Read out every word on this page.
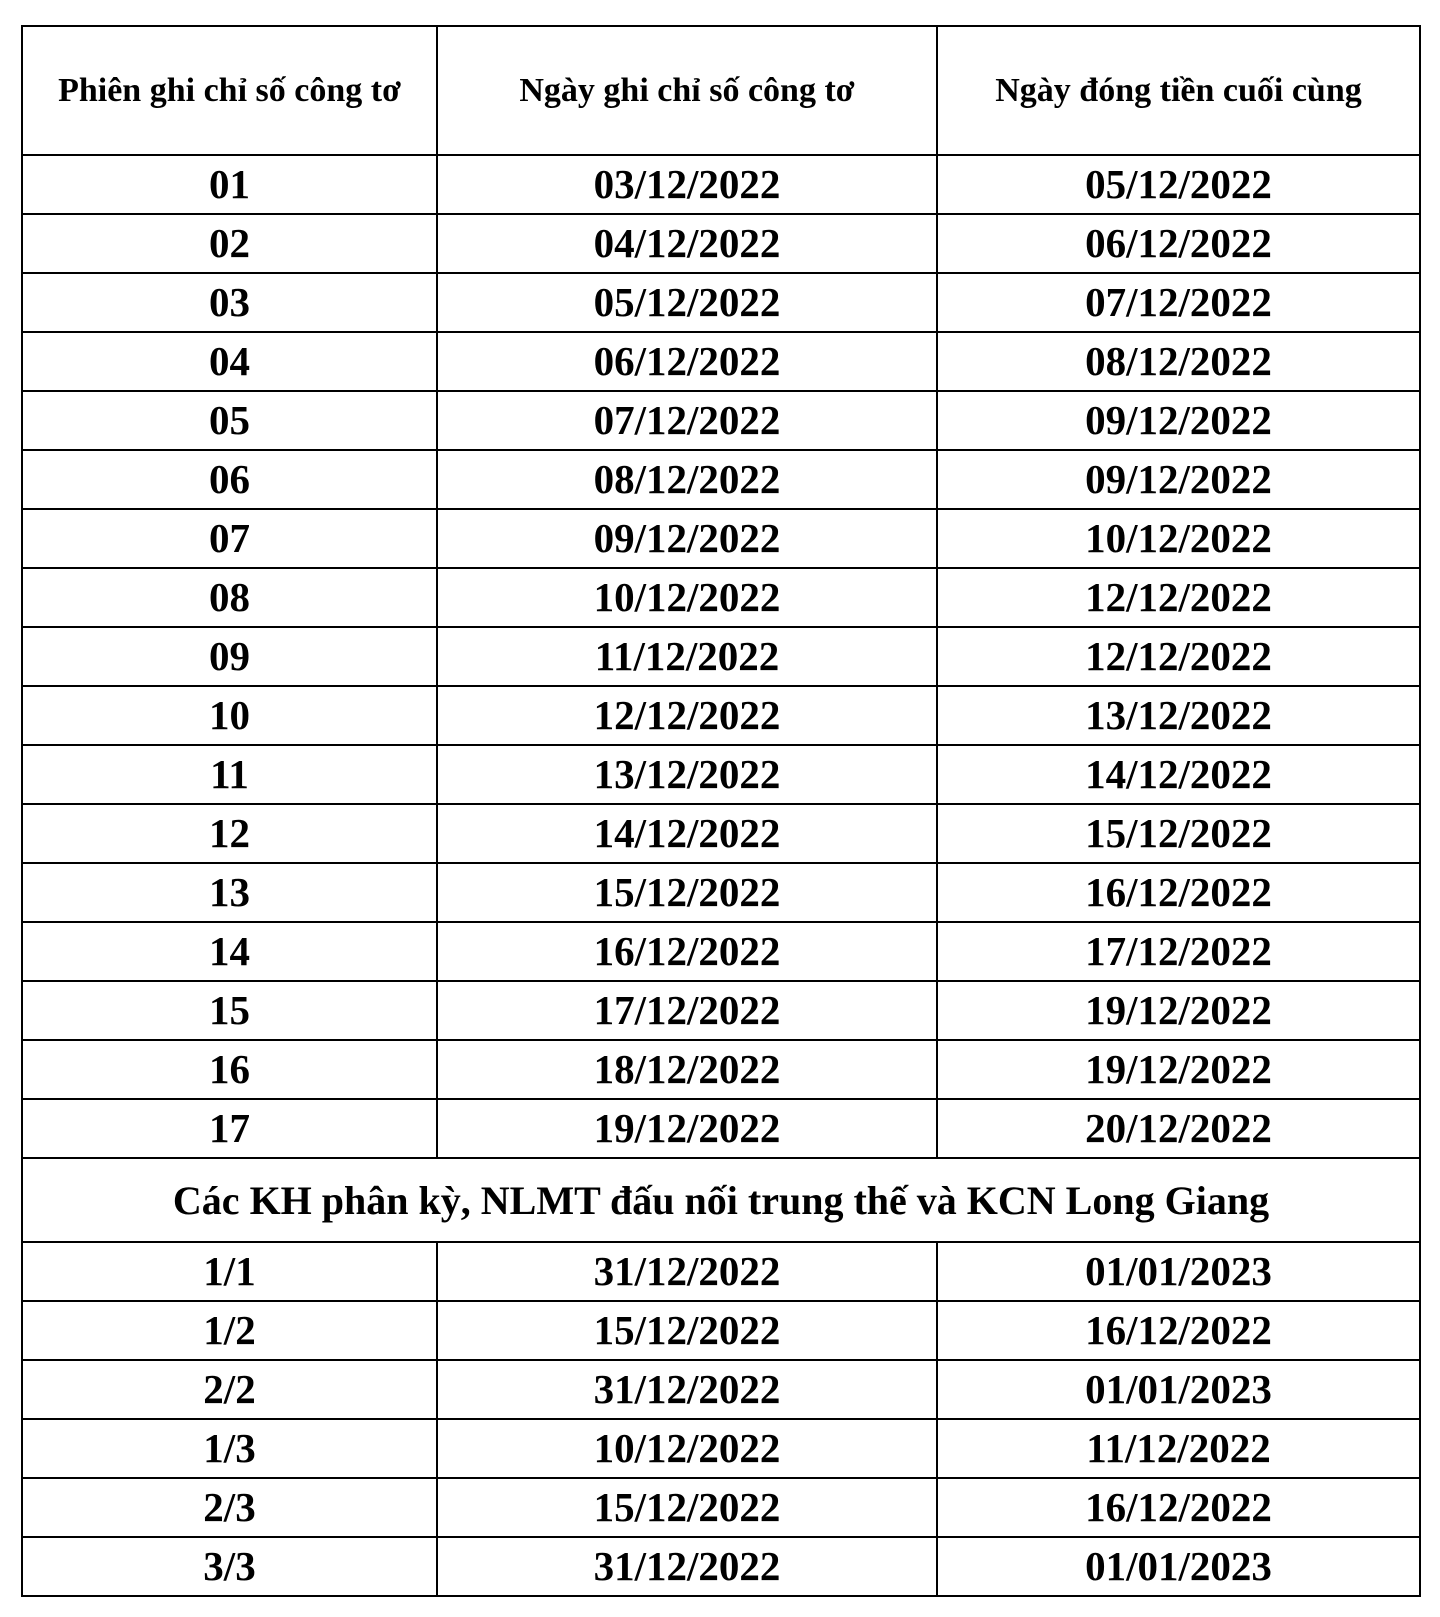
Phiên ghi chỉ số công tơ	Ngày ghi chỉ số công tơ	Ngày đóng tiền cuối cùng
01	03/12/2022	05/12/2022
02	04/12/2022	06/12/2022
03	05/12/2022	07/12/2022
04	06/12/2022	08/12/2022
05	07/12/2022	09/12/2022
06	08/12/2022	09/12/2022
07	09/12/2022	10/12/2022
08	10/12/2022	12/12/2022
09	11/12/2022	12/12/2022
10	12/12/2022	13/12/2022
11	13/12/2022	14/12/2022
12	14/12/2022	15/12/2022
13	15/12/2022	16/12/2022
14	16/12/2022	17/12/2022
15	17/12/2022	19/12/2022
16	18/12/2022	19/12/2022
17	19/12/2022	20/12/2022
Các KH phân kỳ, NLMT đấu nối trung thế và KCN Long Giang		
1/1	31/12/2022	01/01/2023
1/2	15/12/2022	16/12/2022
2/2	31/12/2022	01/01/2023
1/3	10/12/2022	11/12/2022
2/3	15/12/2022	16/12/2022
3/3	31/12/2022	01/01/2023
